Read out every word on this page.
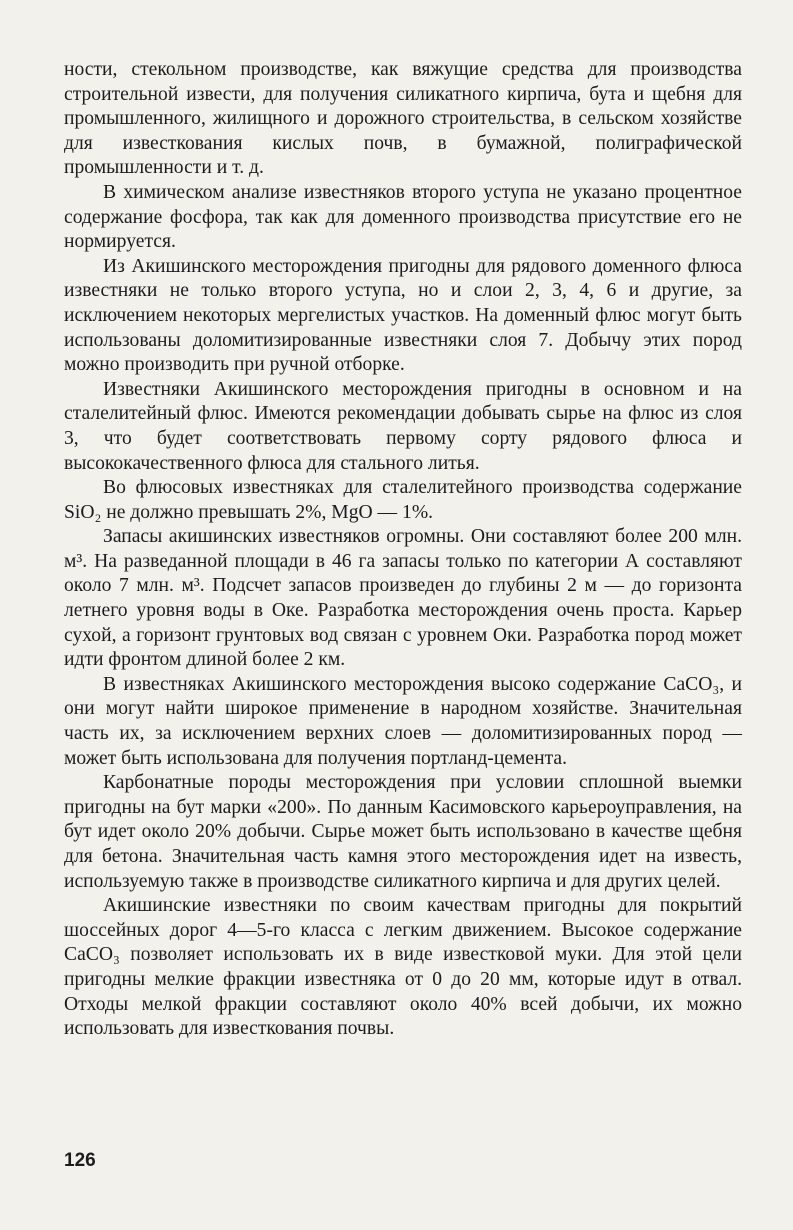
ности, стекольном производстве, как вяжущие средства для производства строительной извести, для получения силикатного кирпича, бута и щебня для промышленного, жилищного и дорожного строительства, в сельском хозяйстве для известкования кислых почв, в бумажной, полиграфической промышленности и т. д.

В химическом анализе известняков второго уступа не указано процентное содержание фосфора, так как для доменного производства присутствие его не нормируется.

Из Акишинского месторождения пригодны для рядового доменного флюса известняки не только второго уступа, но и слои 2, 3, 4, 6 и другие, за исключением некоторых мергелистых участков. На доменный флюс могут быть использованы доломитизированные известняки слоя 7. Добычу этих пород можно производить при ручной отборке.

Известняки Акишинского месторождения пригодны в основном и на сталелитейный флюс. Имеются рекомендации добывать сырье на флюс из слоя 3, что будет соответствовать первому сорту рядового флюса и высококачественного флюса для стального литья.

Во флюсовых известняках для сталелитейного производства содержание SiO₂ не должно превышать 2%, MgO — 1%.

Запасы акишинских известняков огромны. Они составляют более 200 млн. м³. На разведанной площади в 46 га запасы только по категории А составляют около 7 млн. м³. Подсчет запасов произведен до глубины 2 м — до горизонта летнего уровня воды в Оке. Разработка месторождения очень проста. Карьер сухой, а горизонт грунтовых вод связан с уровнем Оки. Разработка пород может идти фронтом длиной более 2 км.

В известняках Акишинского месторождения высоко содержание CaCO₃, и они могут найти широкое применение в народном хозяйстве. Значительная часть их, за исключением верхних слоев — доломитизированных пород — может быть использована для получения портланд-цемента.

Карбонатные породы месторождения при условии сплошной выемки пригодны на бут марки «200». По данным Касимовского карьероуправления, на бут идет около 20% добычи. Сырье может быть использовано в качестве щебня для бетона. Значительная часть камня этого месторождения идет на известь, используемую также в производстве силикатного кирпича и для других целей.

Акишинские известняки по своим качествам пригодны для покрытий шоссейных дорог 4—5-го класса с легким движением. Высокое содержание CaCO₃ позволяет использовать их в виде известковой муки. Для этой цели пригодны мелкие фракции известняка от 0 до 20 мм, которые идут в отвал. Отходы мелкой фракции составляют около 40% всей добычи, их можно использовать для известкования почвы.

126
